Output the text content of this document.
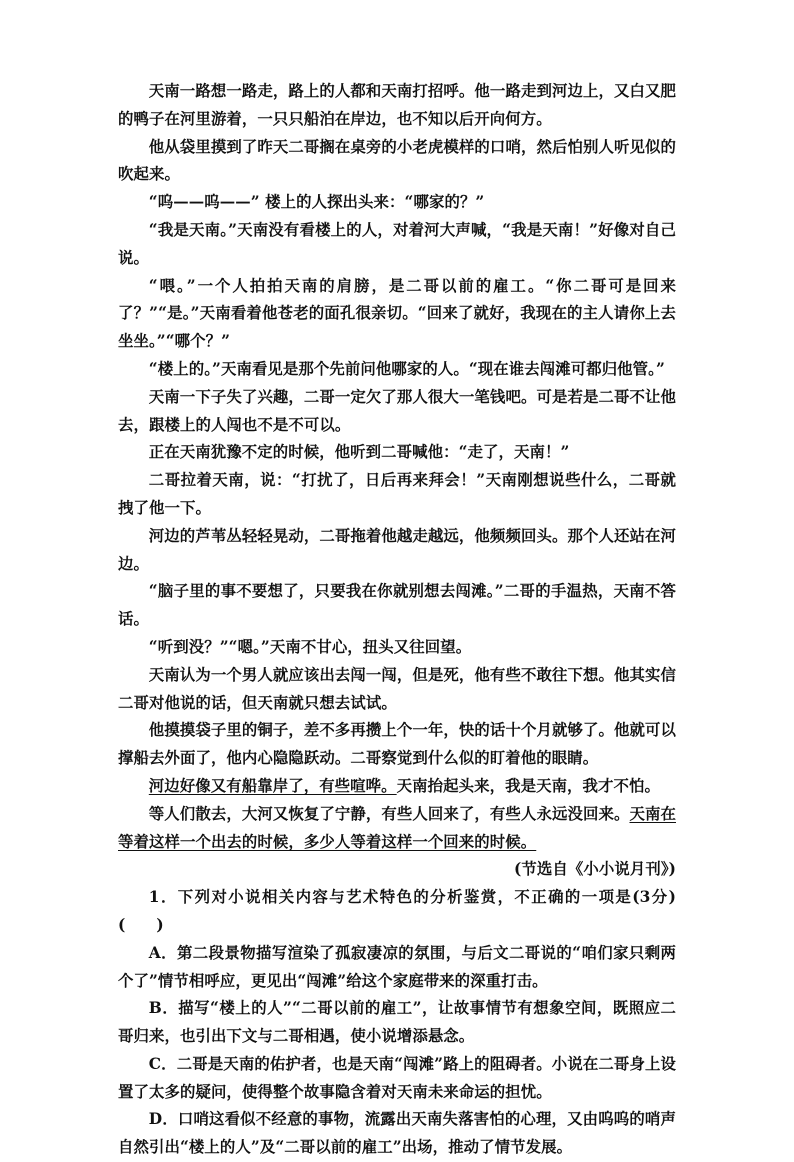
天南一路想一路走，路上的人都和天南打招呼。他一路走到河边上，又白又肥的鸭子在河里游着，一只只船泊在岸边，也不知以后开向何方。

他从袋里摸到了昨天二哥搁在桌旁的小老虎模样的口哨，然后怕别人听见似的吹起来。

“呜——呜——” 楼上的人探出头来：“哪家的？”

“我是天南。”天南没有看楼上的人，对着河大声喊，“我是天南！”好像对自己说。

“喂。”一个人拍拍天南的肩膀，是二哥以前的雇工。“你二哥可是回来了？”“是。”天南看着他苍老的面孔很亲切。“回来了就好，我现在的主人请你上去坐坐。”“哪个？”

“楼上的。”天南看见是那个先前问他哪家的人。“现在谁去闯滩可都归他管。”

天南一下子失了兴趣，二哥一定欠了那人很大一笔钱吧。可是若是二哥不让他去，跟楼上的人闯也不是不可以。

正在天南犹豫不定的时候，他听到二哥喊他：“走了，天南！”

二哥拉着天南，说：“打扰了，日后再来拜会！”天南刚想说些什么，二哥就拽了他一下。

河边的芦苇丛轻轻晃动，二哥拖着他越走越远，他频频回头。那个人还站在河边。

“脑子里的事不要想了，只要我在你就别想去闯滩。”二哥的手温热，天南不答话。

“听到没？”“嗯。”天南不甘心，扭头又往回望。

天南认为一个男人就应该出去闯一闯，但是死，他有些不敢往下想。他其实信二哥对他说的话，但天南就只想去试试。

他摸摸袋子里的铜子，差不多再攒上个一年，快的话十个月就够了。他就可以撑船去外面了，他内心隐隐跃动。二哥察觉到什么似的盯着他的眼睛。

河边好像又有船靠岸了，有些喧哗。天南抬起头来，我是天南，我才不怕。

等人们散去，大河又恢复了宁静，有些人回来了，有些人永远没回来。天南在等着这样一个出去的时候，多少人等着这样一个回来的时候。

(节选自《小小说月刊》)

1．下列对小说相关内容与艺术特色的分析鉴赏，不正确的一项是(3分)(　　)

A．第二段景物描写渲染了孤寂凄凉的氛围，与后文二哥说的“咱们家只剩两个了”情节相呼应，更见出“闯滩”给这个家庭带来的深重打击。

B．描写“楼上的人”“二哥以前的雇工”，让故事情节有想象空间，既照应二哥归来，也引出下文与二哥相遇，使小说增添悬念。

C．二哥是天南的佑护者，也是天南“闯滩”路上的阻碍者。小说在二哥身上设置了太多的疑问，使得整个故事隐含着对天南未来命运的担忧。

D．口哨这看似不经意的事物，流露出天南失落害怕的心理，又由呜呜的哨声自然引出“楼上的人”及“二哥以前的雇工”出场，推动了情节发展。
